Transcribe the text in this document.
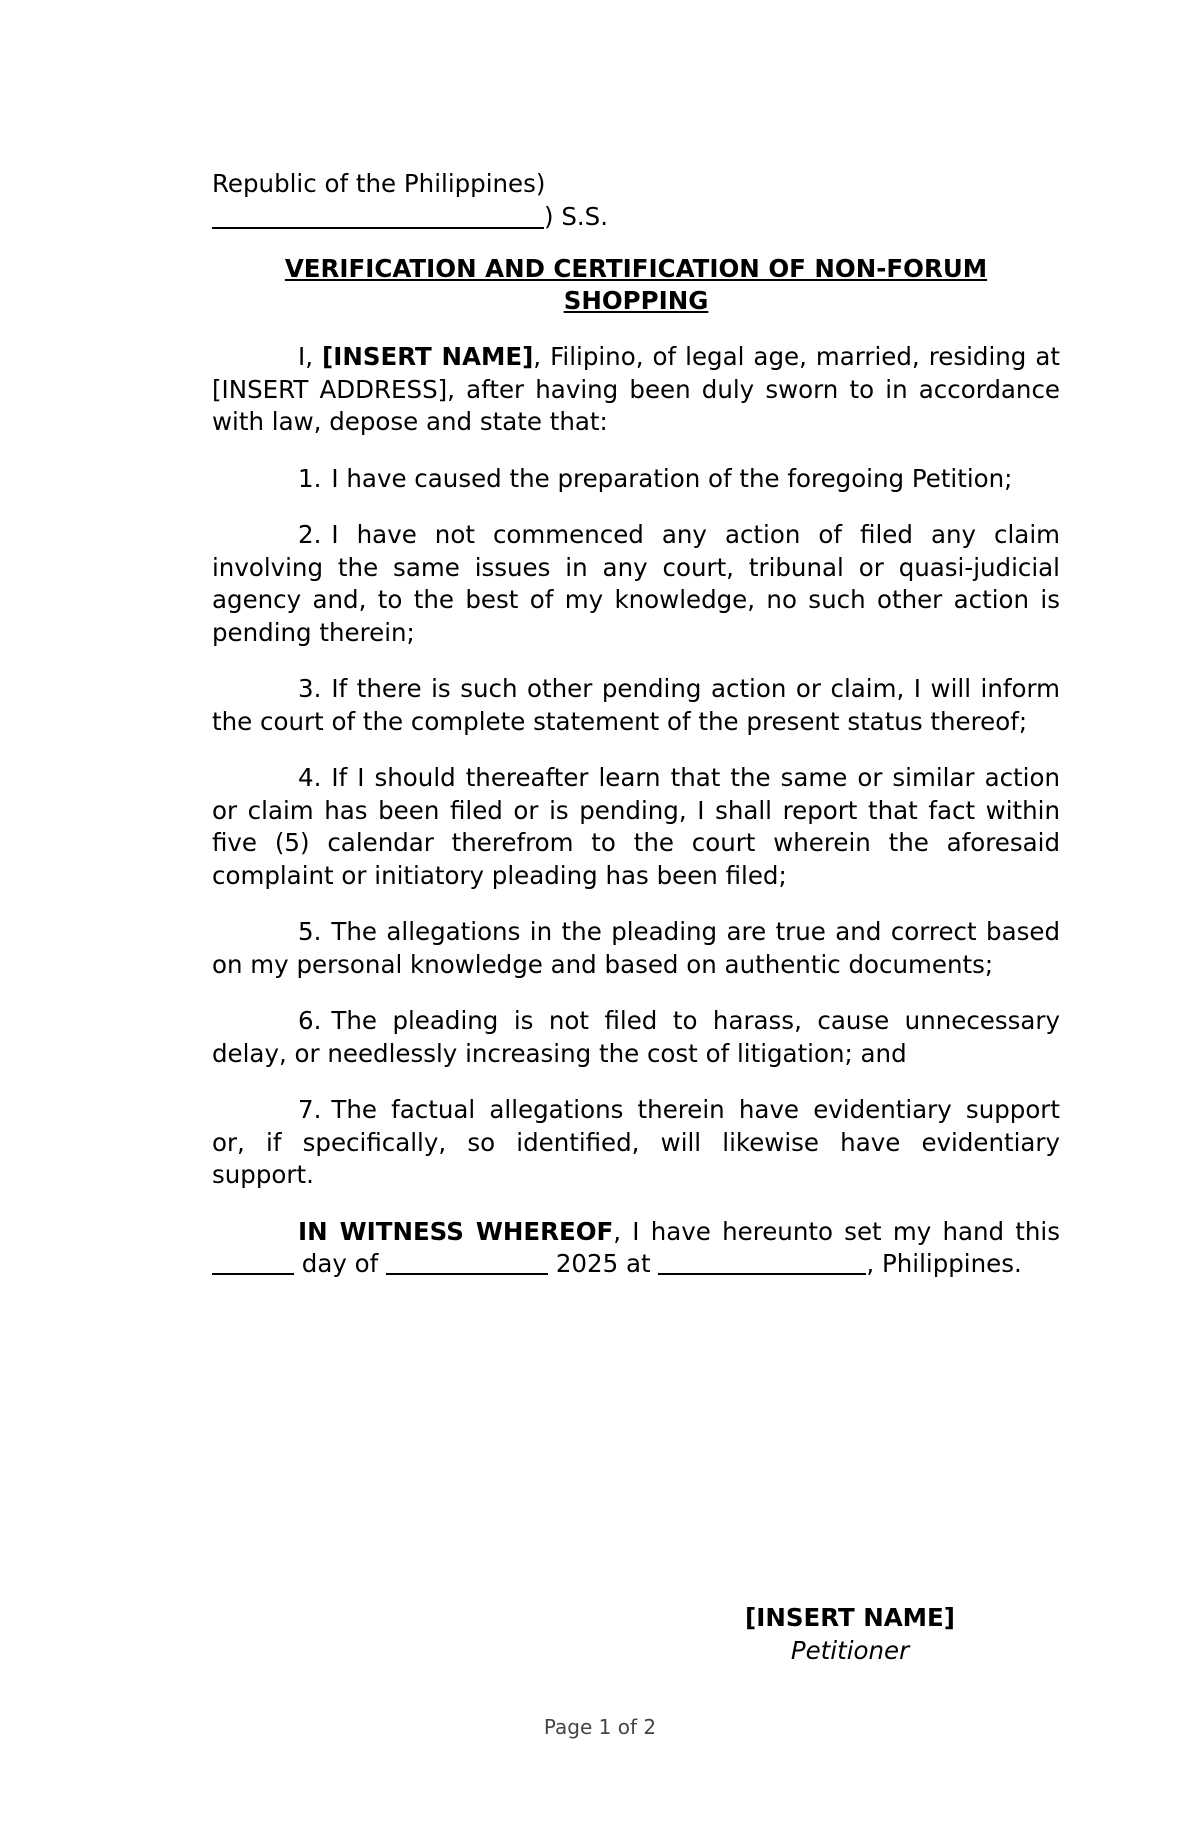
Republic of the Philippines)

) S.S.

VERIFICATION AND CERTIFICATION OF NON-FORUM SHOPPING

I, [INSERT NAME], Filipino, of legal age, married, residing at [INSERT ADDRESS], after having been duly sworn to in accordance with law, depose and state that:

1. I have caused the preparation of the foregoing Petition;

2. I have not commenced any action of filed any claim involving the same issues in any court, tribunal or quasi-judicial agency and, to the best of my knowledge, no such other action is pending therein;

3. If there is such other pending action or claim, I will inform the court of the complete statement of the present status thereof;

4. If I should thereafter learn that the same or similar action or claim has been filed or is pending, I shall report that fact within five (5) calendar therefrom to the court wherein the aforesaid complaint or initiatory pleading has been filed;

5. The allegations in the pleading are true and correct based on my personal knowledge and based on authentic documents;

6. The pleading is not filed to harass, cause unnecessary delay, or needlessly increasing the cost of litigation; and

7. The factual allegations therein have evidentiary support or, if specifically, so identified, will likewise have evidentiary support.

IN WITNESS WHEREOF, I have hereunto set my hand this  day of	2025 at	, Philippines.

[INSERT NAME]
Petitioner
Page 1 of 2
